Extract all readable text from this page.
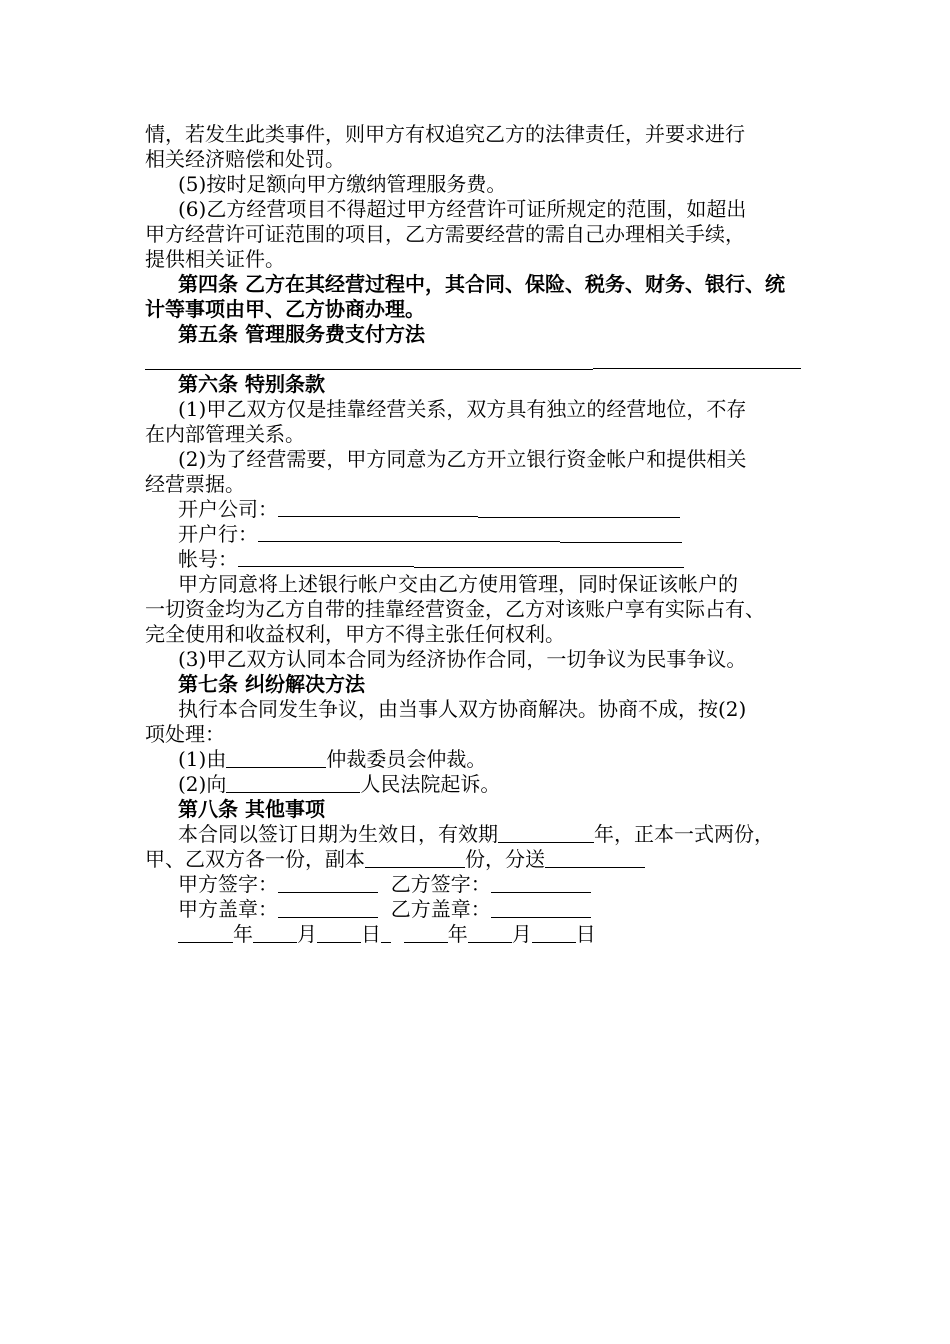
情，若发生此类事件，则甲方有权追究乙方的法律责任，并要求进行
相关经济赔偿和处罚。
(5)按时足额向甲方缴纳管理服务费。
(6)乙方经营项目不得超过甲方经营许可证所规定的范围，如超出
甲方经营许可证范围的项目，乙方需要经营的需自己办理相关手续，
提供相关证件。
第四条 乙方在其经营过程中，其合同、保险、税务、财务、银行、统
计等事项由甲、乙方协商办理。
第五条 管理服务费支付方法
第六条 特别条款
(1)甲乙双方仅是挂靠经营关系，双方具有独立的经营地位，不存
在内部管理关系。
(2)为了经营需要，甲方同意为乙方开立银行资金帐户和提供相关
经营票据。
开户公司：
开户行：
帐号：
甲方同意将上述银行帐户交由乙方使用管理，同时保证该帐户的
一切资金均为乙方自带的挂靠经营资金，乙方对该账户享有实际占有、
完全使用和收益权利，甲方不得主张任何权利。
(3)甲乙双方认同本合同为经济协作合同，一切争议为民事争议。
第七条 纠纷解决方法
执行本合同发生争议，由当事人双方协商解决。协商不成，按(2)
项处理：
(1)由	仲裁委员会仲裁。
(2)向	人民法院起诉。
第八条 其他事项
本合同以签订日期为生效日，有效期	年，正本一式两份，
甲、乙双方各一份，副本	份，分送
甲方签字：	乙方签字：
甲方盖章：	乙方盖章：
年 月 日	年 月 日
